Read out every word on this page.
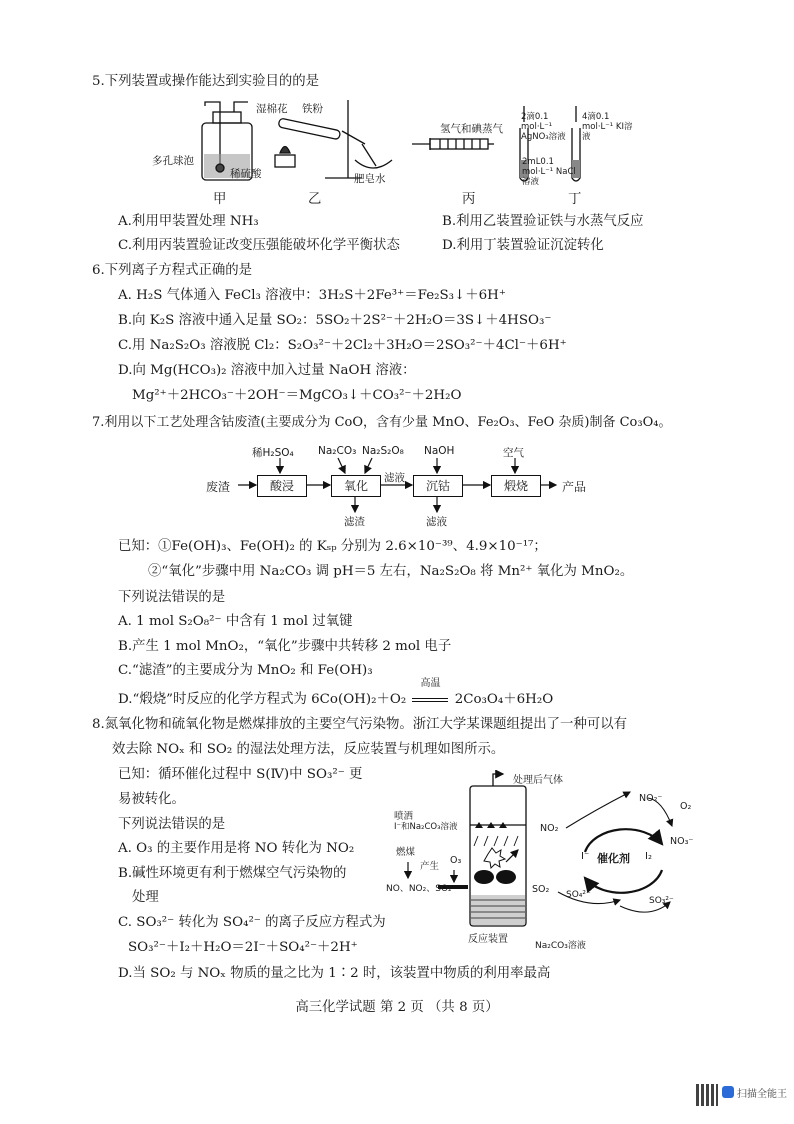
5.下列装置或操作能达到实验目的的是
多孔球泡
稀硫酸
湿棉花 铁粉
肥皂水
氢气和碘蒸气
2滴0.1 mol·L⁻¹ AgNO₃溶液
4滴0.1 mol·L⁻¹ KI溶液
2mL0.1 mol·L⁻¹ NaCl溶液
甲	乙	丙	丁
A.利用甲装置处理 NH₃	B.利用乙装置验证铁与水蒸气反应
C.利用丙装置验证改变压强能破坏化学平衡状态	D.利用丁装置验证沉淀转化
6.下列离子方程式正确的是
A. H₂S 气体通入 FeCl₃ 溶液中：3H₂S＋2Fe³⁺＝Fe₂S₃↓＋6H⁺
B.向 K₂S 溶液中通入足量 SO₂：5SO₂＋2S²⁻＋2H₂O＝3S↓＋4HSO₃⁻
C.用 Na₂S₂O₃ 溶液脱 Cl₂：S₂O₃²⁻＋2Cl₂＋3H₂O＝2SO₃²⁻＋4Cl⁻＋6H⁺
D.向 Mg(HCO₃)₂ 溶液中加入过量 NaOH 溶液：
Mg²⁺＋2HCO₃⁻＋2OH⁻＝MgCO₃↓＋CO₃²⁻＋2H₂O
7.利用以下工艺处理含钴废渣(主要成分为 CoO，含有少量 MnO、Fe₂O₃、FeO 杂质)制备 Co₃O₄。
废渣	酸浸	氧化	沉钴	煅烧	产品
稀H₂SO₄ Na₂CO₃ Na₂S₂O₈ NaOH	空气
滤液
滤渣	滤液
已知：①Fe(OH)₃、Fe(OH)₂ 的 Kₛₚ 分别为 2.6×10⁻³⁹、4.9×10⁻¹⁷；
②“氧化”步骤中用 Na₂CO₃ 调 pH＝5 左右，Na₂S₂O₈ 将 Mn²⁺ 氧化为 MnO₂。
下列说法错误的是
A. 1 mol S₂O₈²⁻ 中含有 1 mol 过氧键
B.产生 1 mol MnO₂，“氧化”步骤中共转移 2 mol 电子
C.“滤渣”的主要成分为 MnO₂ 和 Fe(OH)₃
D.“煅烧”时反应的化学方程式为 6Co(OH)₂＋O₂
高温
2Co₃O₄＋6H₂O
8.氮氧化物和硫氧化物是燃煤排放的主要空气污染物。浙江大学某课题组提出了一种可以有
效去除 NOₓ 和 SO₂ 的湿法处理方法，反应装置与机理如图所示。
已知：循环催化过程中 S(Ⅳ)中 SO₃²⁻ 更
易被转化。
下列说法错误的是
A. O₃ 的主要作用是将 NO 转化为 NO₂
B.碱性环境更有利于燃煤空气污染物的
处理
C. SO₃²⁻ 转化为 SO₄²⁻ 的离子反应方程式为
SO₃²⁻＋I₂＋H₂O＝2I⁻＋SO₄²⁻＋2H⁺
D.当 SO₂ 与 NOₓ 物质的量之比为 1∶2 时，该装置中物质的利用率最高
处理后气体
喷洒
I⁻和Na₂CO₃溶液
燃煤
产生
O₃
NO、NO₂、SO₂
反应装置
NO₂
NO₂⁻
O₂
NO₃⁻
I⁻ 催化剂 I₂
SO₂ SO₄²⁻
SO₃²⁻
Na₂CO₃溶液
高三化学试题 第 2 页 （共 8 页）
扫描全能王
